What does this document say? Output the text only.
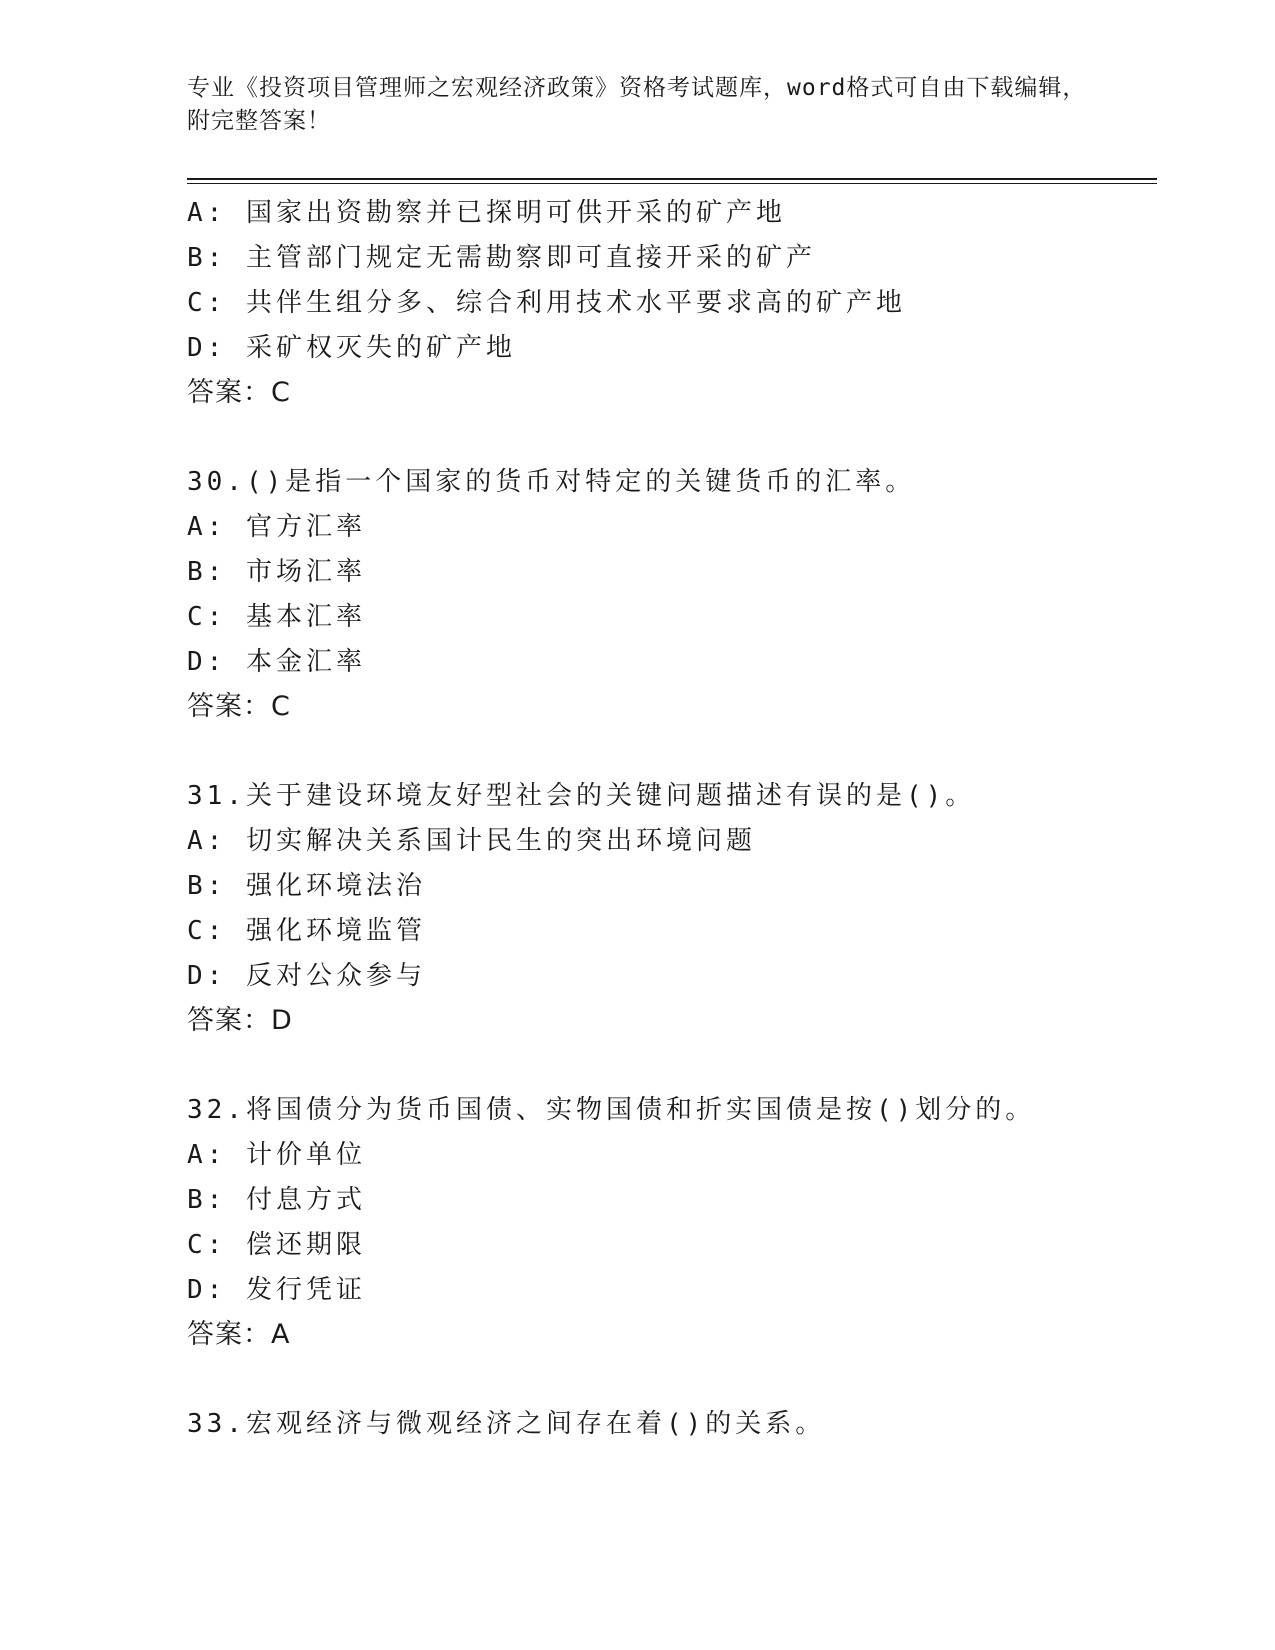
专业《投资项目管理师之宏观经济政策》资格考试题库，word格式可自由下载编辑，附完整答案！
A: 国家出资勘察并已探明可供开采的矿产地
B: 主管部门规定无需勘察即可直接开采的矿产
C: 共伴生组分多、综合利用技术水平要求高的矿产地
D: 采矿权灭失的矿产地
答案：C
30.()是指一个国家的货币对特定的关键货币的汇率。
A: 官方汇率
B: 市场汇率
C: 基本汇率
D: 本金汇率
答案：C
31.关于建设环境友好型社会的关键问题描述有误的是()。
A: 切实解决关系国计民生的突出环境问题
B: 强化环境法治
C: 强化环境监管
D: 反对公众参与
答案：D
32.将国债分为货币国债、实物国债和折实国债是按()划分的。
A: 计价单位
B: 付息方式
C: 偿还期限
D: 发行凭证
答案：A
33.宏观经济与微观经济之间存在着()的关系。
